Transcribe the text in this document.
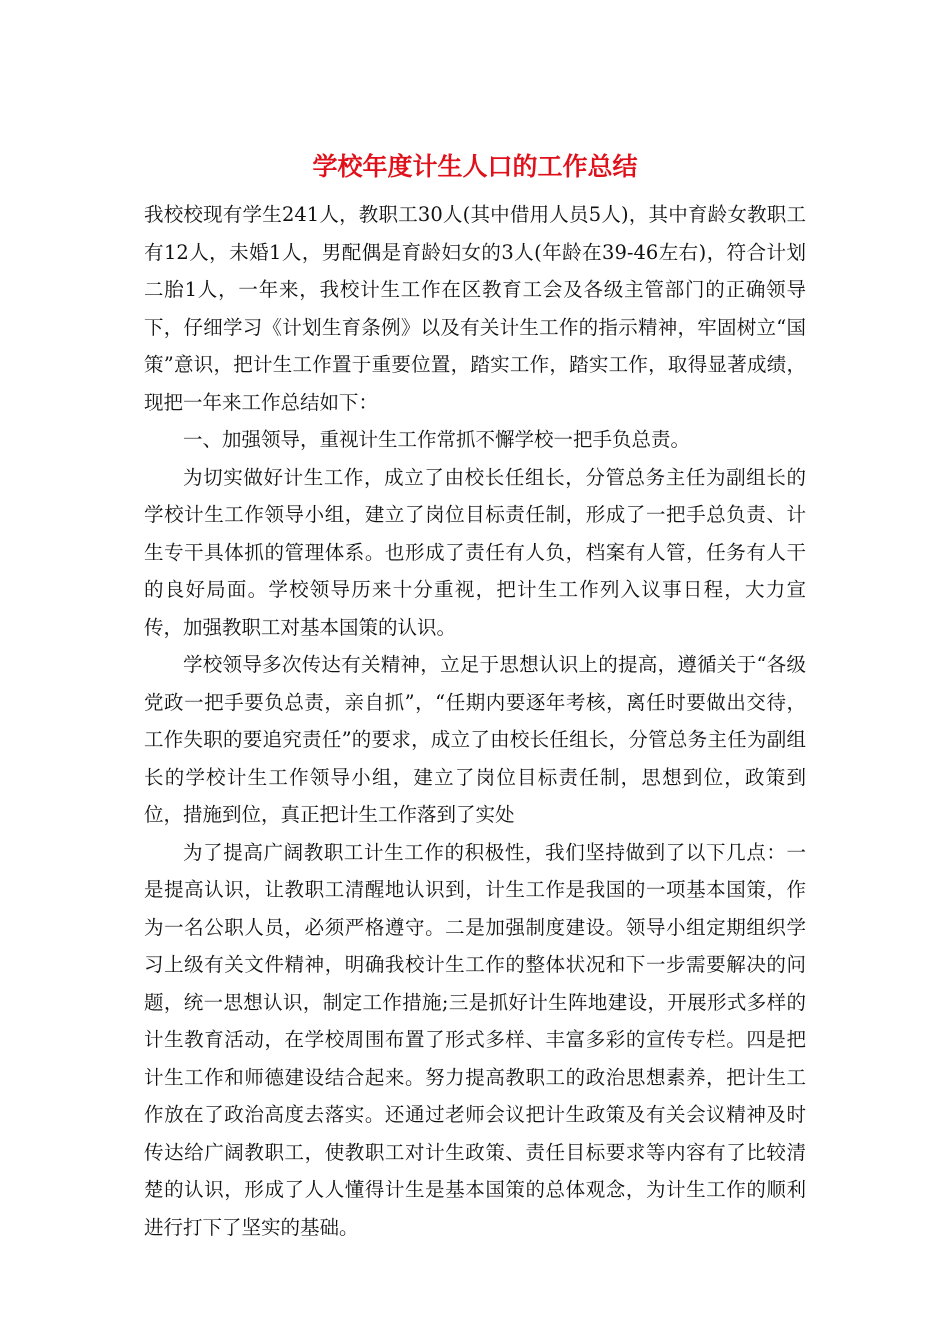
学校年度计生人口的工作总结

我校校现有学生241人，教职工30人(其中借用人员5人)，其中育龄女教职工有12人，未婚1人，男配偶是育龄妇女的3人(年龄在39-46左右)，符合计划二胎1人，一年来，我校计生工作在区教育工会及各级主管部门的正确领导下，仔细学习《计划生育条例》以及有关计生工作的指示精神，牢固树立“国策”意识，把计生工作置于重要位置，踏实工作，踏实工作，取得显著成绩，现把一年来工作总结如下：

一、加强领导，重视计生工作常抓不懈学校一把手负总责。

为切实做好计生工作，成立了由校长任组长，分管总务主任为副组长的学校计生工作领导小组，建立了岗位目标责任制，形成了一把手总负责、计生专干具体抓的管理体系。也形成了责任有人负，档案有人管，任务有人干的良好局面。学校领导历来十分重视，把计生工作列入议事日程，大力宣传，加强教职工对基本国策的认识。

学校领导多次传达有关精神，立足于思想认识上的提高，遵循关于“各级党政一把手要负总责，亲自抓”，“任期内要逐年考核，离任时要做出交待，工作失职的要追究责任”的要求，成立了由校长任组长，分管总务主任为副组长的学校计生工作领导小组，建立了岗位目标责任制，思想到位，政策到位，措施到位，真正把计生工作落到了实处

为了提高广阔教职工计生工作的积极性，我们坚持做到了以下几点：一是提高认识，让教职工清醒地认识到，计生工作是我国的一项基本国策，作为一名公职人员，必须严格遵守。二是加强制度建设。领导小组定期组织学习上级有关文件精神，明确我校计生工作的整体状况和下一步需要解决的问题，统一思想认识，制定工作措施;三是抓好计生阵地建设，开展形式多样的计生教育活动，在学校周围布置了形式多样、丰富多彩的宣传专栏。四是把计生工作和师德建设结合起来。努力提高教职工的政治思想素养，把计生工作放在了政治高度去落实。还通过老师会议把计生政策及有关会议精神及时传达给广阔教职工，使教职工对计生政策、责任目标要求等内容有了比较清楚的认识，形成了人人懂得计生是基本国策的总体观念，为计生工作的顺利进行打下了坚实的基础。
